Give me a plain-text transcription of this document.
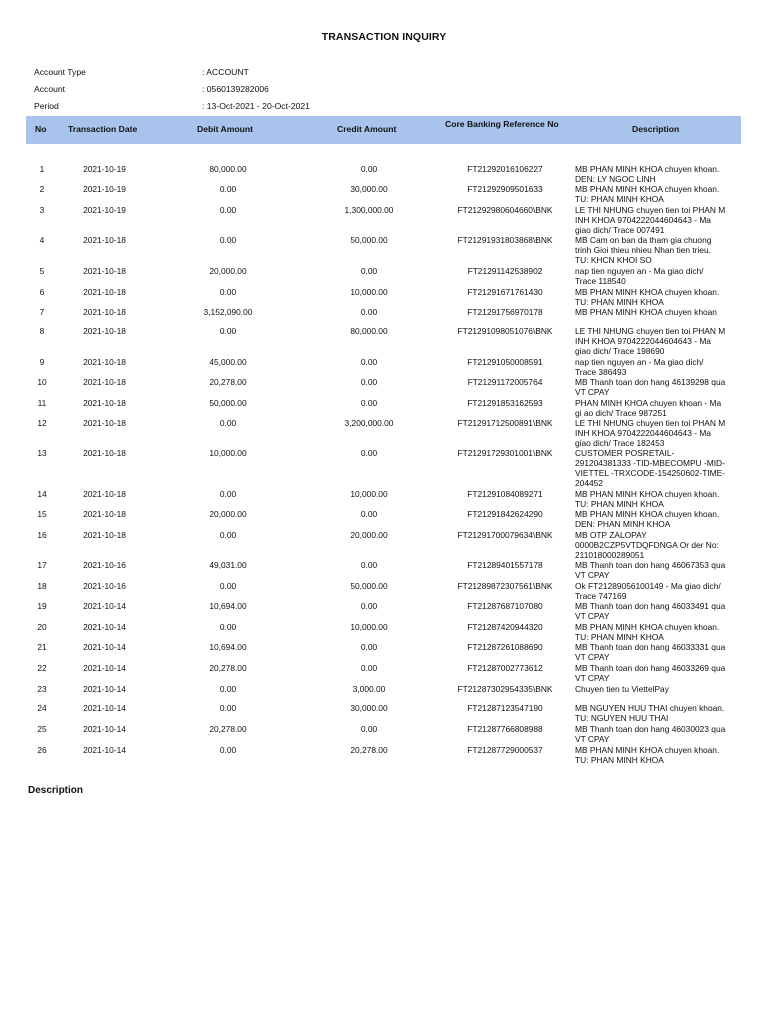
TRANSACTION INQUIRY
Account Type	: ACCOUNT
Account	: 0560139282006
Period	: 13-Oct-2021 - 20-Oct-2021
No	Transaction Date	Debit Amount	Credit Amount	Core Banking Reference No	Description
1	2021-10-19	80,000.00	0.00	FT21292016106227	MB PHAN MINH KHOA chuyen khoan.
DEN: LY NGOC LINH
2	2021-10-19	0.00	30,000.00	FT21292909501633	MB PHAN MINH KHOA chuyen khoan.
TU: PHAN MINH KHOA
3	2021-10-19	0.00	1,300,000.00	FT21292980604660\BNK	LE THI NHUNG chuyen tien toi PHAN M
INH KHOA 9704222044604643 - Ma
giao dich/ Trace 007491
4	2021-10-18	0.00	50,000.00	FT21291931803868\BNK	MB Cam on ban da tham gia chuong
trinh Gioi thieu nhieu Nhan tien trieu.
TU: KHCN KHOI SO
5	2021-10-18	20,000.00	0.00	FT21291142538902	nap tien nguyen an - Ma giao dich/
Trace 118540
6	2021-10-18	0.00	10,000.00	FT21291671761430	MB PHAN MINH KHOA chuyen khoan.
TU: PHAN MINH KHOA
7	2021-10-18	3,152,090.00	0.00	FT21291756970178	MB PHAN MINH KHOA chuyen khoan
8	2021-10-18	0.00	80,000.00	FT21291098051076\BNK	LE THI NHUNG chuyen tien toi PHAN M
INH KHOA 9704222044604643 - Ma
giao dich/ Trace 198690
9	2021-10-18	45,000.00	0.00	FT21291050008591	nap tien nguyen an - Ma giao dich/
Trace 386493
10	2021-10-18	20,278.00	0.00	FT21291172005764	MB Thanh toan don hang 46139298 qua
VT CPAY
11	2021-10-18	50,000.00	0.00	FT21291853162593	PHAN MINH KHOA chuyen khoan - Ma
gi ao dich/ Trace 987251
12	2021-10-18	0.00	3,200,000.00	FT21291712500891\BNK	LE THI NHUNG chuyen tien toi PHAN M
INH KHOA 9704222044604643 - Ma
giao dich/ Trace 182453
13	2021-10-18	10,000.00	0.00	FT21291729301001\BNK	CUSTOMER POSRETAIL-
291204381333 -TID-MBECOMPU -MID-
VIETTEL -TRXCODE-154250602-TIME-
204452
14	2021-10-18	0.00	10,000.00	FT21291084089271	MB PHAN MINH KHOA chuyen khoan.
TU: PHAN MINH KHOA
15	2021-10-18	20,000.00	0.00	FT21291842624290	MB PHAN MINH KHOA chuyen khoan.
DEN: PHAN MINH KHOA
16	2021-10-18	0.00	20,000.00	FT21291700079634\BNK	MB OTP ZALOPAY
0000B2CZP5VTDQFDNGA Or der No:
211018000289051
17	2021-10-16	49,031.00	0.00	FT21289401557178	MB Thanh toan don hang 46067353 qua
VT CPAY
18	2021-10-16	0.00	50,000.00	FT21289872307561\BNK	Ok FT21289056100149 - Ma giao dich/
Trace 747169
19	2021-10-14	10,694.00	0.00	FT21287687107080	MB Thanh toan don hang 46033491 qua
VT CPAY
20	2021-10-14	0.00	10,000.00	FT21287420944320	MB PHAN MINH KHOA chuyen khoan.
TU: PHAN MINH KHOA
21	2021-10-14	10,694.00	0.00	FT21287261088690	MB Thanh toan don hang 46033331 qua
VT CPAY
22	2021-10-14	20,278.00	0.00	FT21287002773612	MB Thanh toan don hang 46033269 qua
VT CPAY
23	2021-10-14	0.00	3,000.00	FT21287302954335\BNK	Chuyen tien tu ViettelPay
24	2021-10-14	0.00	30,000.00	FT21287123547190	MB NGUYEN HUU THAI chuyen khoan.
TU: NGUYEN HUU THAI
25	2021-10-14	20,278.00	0.00	FT21287766808988	MB Thanh toan don hang 46030023 qua
VT CPAY
26	2021-10-14	0.00	20,278.00	FT21287729000537	MB PHAN MINH KHOA chuyen khoan.
TU: PHAN MINH KHOA
Description
